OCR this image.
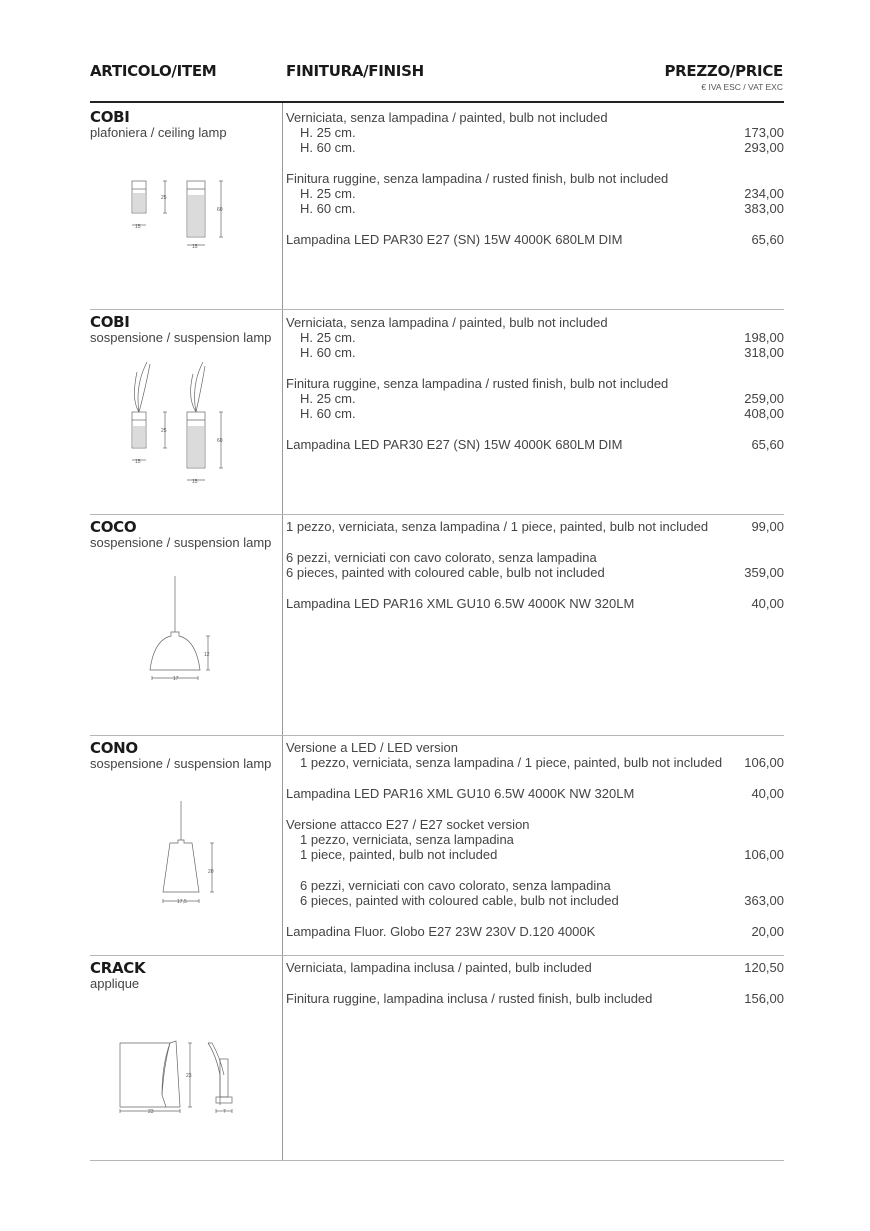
ARTICOLO/ITEM	FINITURA/FINISH	PREZZO/PRICE
€ IVA ESC / VAT EXC
COBI
plafoniera / ceiling lamp
15
25
15
60
Verniciata, senza lampadina / painted, bulb not included
H. 25 cm.	173,00
H. 60 cm.	293,00
Finitura ruggine, senza lampadina / rusted finish, bulb not included
H. 25 cm.	234,00
H. 60 cm.	383,00
Lampadina LED PAR30 E27 (SN) 15W 4000K 680LM DIM	65,60
COBI
sospensione / suspension lamp
15
25
15
60
Verniciata, senza lampadina / painted, bulb not included
H. 25 cm.	198,00
H. 60 cm.	318,00
Finitura ruggine, senza lampadina / rusted finish, bulb not included
H. 25 cm.	259,00
H. 60 cm.	408,00
Lampadina LED PAR30 E27 (SN) 15W 4000K 680LM DIM	65,60
COCO
sospensione / suspension lamp
17
12
1 pezzo, verniciata, senza lampadina / 1 piece, painted, bulb not included	99,00
6 pezzi, verniciati con cavo colorato, senza lampadina
6 pieces, painted with coloured cable, bulb not included	359,00
Lampadina LED PAR16 XML GU10 6.5W 4000K NW 320LM	40,00
CONO
sospensione / suspension lamp
17,5
20
Versione a LED / LED version
1 pezzo, verniciata, senza lampadina / 1 piece, painted, bulb not included 106,00
Lampadina LED PAR16 XML GU10 6.5W 4000K NW 320LM	40,00
Versione attacco E27 / E27 socket version
1 pezzo, verniciata, senza lampadina
1 piece, painted, bulb not included	106,00
6 pezzi, verniciati con cavo colorato, senza lampadina
6 pieces, painted with coloured cable, bulb not included	363,00
Lampadina Fluor. Globo E27 23W 230V D.120 4000K	20,00
CRACK
applique
23
23
7
Verniciata, lampadina inclusa / painted, bulb included	120,50
Finitura ruggine, lampadina inclusa / rusted finish, bulb included	156,00
